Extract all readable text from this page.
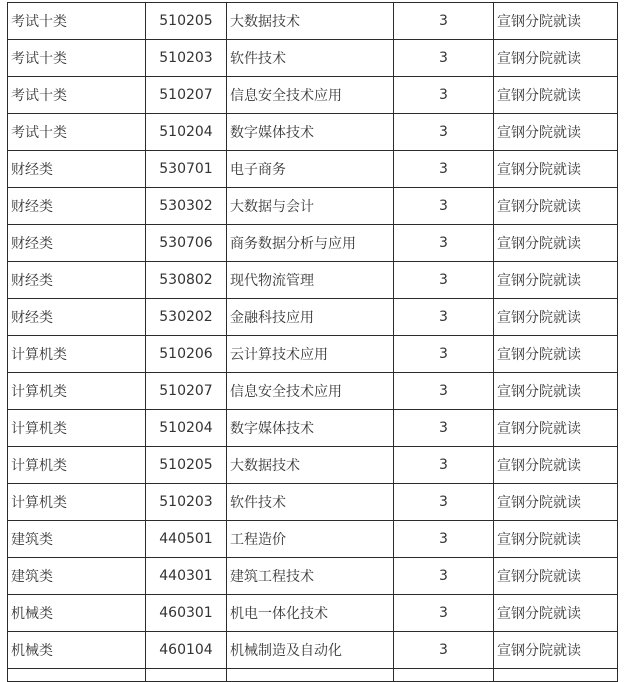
考试十类	510205	大数据技术	3	宣钢分院就读
考试十类	510203	软件技术	3	宣钢分院就读
考试十类	510207	信息安全技术应用	3	宣钢分院就读
考试十类	510204	数字媒体技术	3	宣钢分院就读
财经类	530701	电子商务	3	宣钢分院就读
财经类	530302	大数据与会计	3	宣钢分院就读
财经类	530706	商务数据分析与应用	3	宣钢分院就读
财经类	530802	现代物流管理	3	宣钢分院就读
财经类	530202	金融科技应用	3	宣钢分院就读
计算机类	510206	云计算技术应用	3	宣钢分院就读
计算机类	510207	信息安全技术应用	3	宣钢分院就读
计算机类	510204	数字媒体技术	3	宣钢分院就读
计算机类	510205	大数据技术	3	宣钢分院就读
计算机类	510203	软件技术	3	宣钢分院就读
建筑类	440501	工程造价	3	宣钢分院就读
建筑类	440301	建筑工程技术	3	宣钢分院就读
机械类	460301	机电一体化技术	3	宣钢分院就读
机械类	460104	机械制造及自动化	3	宣钢分院就读
